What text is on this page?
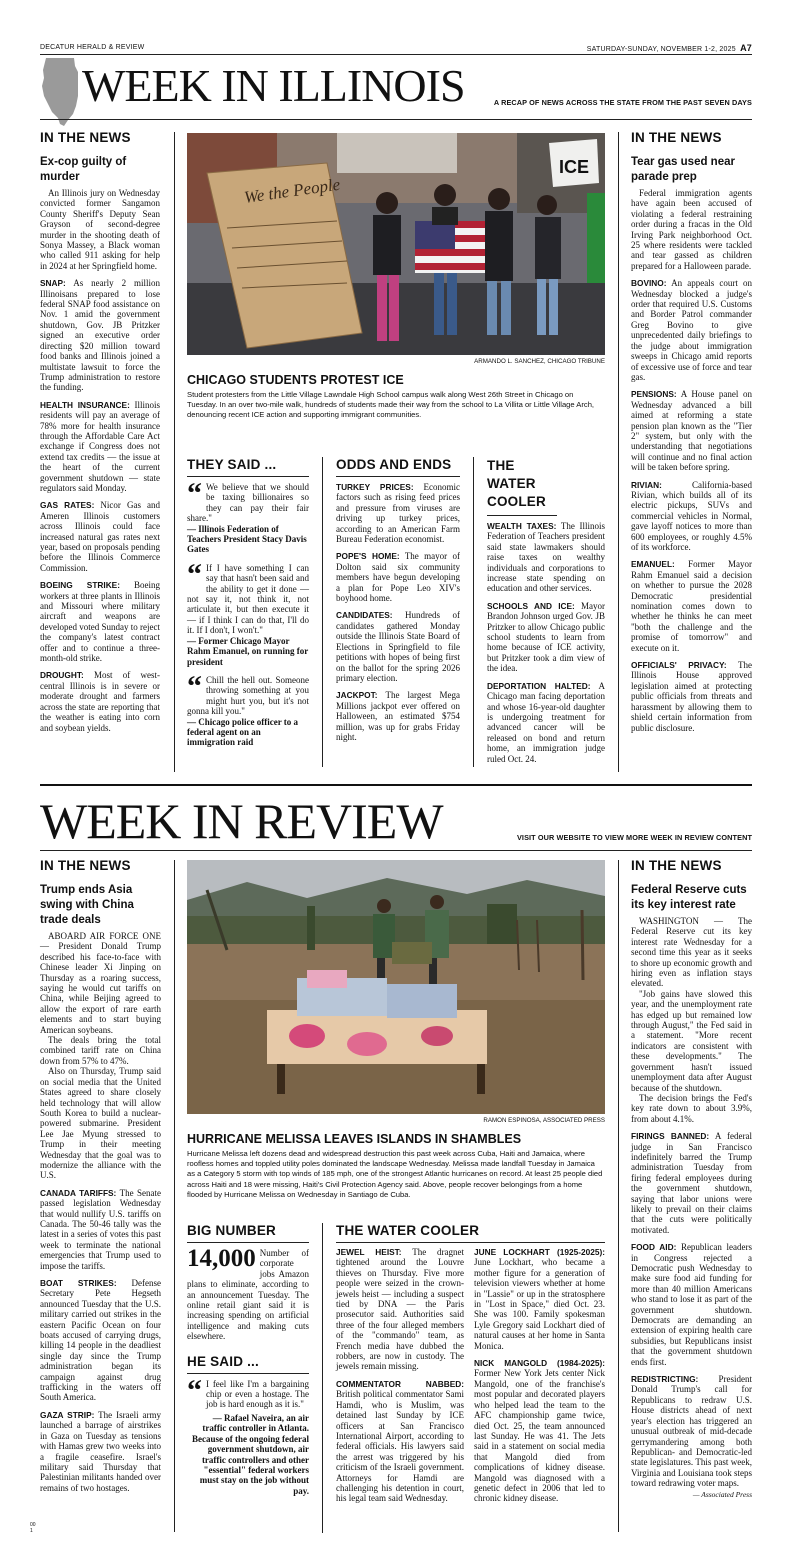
DECATUR HERALD & REVIEW	SATURDAY-SUNDAY, NOVEMBER 1-2, 2025 A7
WEEK IN ILLINOIS	A RECAP OF NEWS ACROSS THE STATE FROM THE PAST SEVEN DAYS
IN THE NEWS
Ex-cop guilty of murder

An Illinois jury on Wednesday convicted former Sangamon County Sheriff's Deputy Sean Grayson of second-degree murder in the shooting death of Sonya Massey, a Black woman who called 911 asking for help in 2024 at her Springfield home.

SNAP: As nearly 2 million Illinoisans prepared to lose federal SNAP food assistance on Nov. 1 amid the government shutdown, Gov. JB Pritzker signed an executive order directing $20 million toward food banks and Illinois joined a multistate lawsuit to force the Trump administration to restore the funding.

HEALTH INSURANCE: Illinois residents will pay an average of 78% more for health insurance through the Affordable Care Act exchange if Congress does not extend tax credits — the issue at the heart of the current government shutdown — state regulators said Monday.

GAS RATES: Nicor Gas and Ameren Illinois customers across Illinois could face increased natural gas rates next year, based on proposals pending before the Illinois Commerce Commission.

BOEING STRIKE: Boeing workers at three plants in Illinois and Missouri where military aircraft and weapons are developed voted Sunday to reject the company's latest contract offer and to continue a three-month-old strike.

DROUGHT: Most of west-central Illinois is in severe or moderate drought and farmers across the state are reporting that the weather is eating into corn and soybean yields.

We the People
ICE
ARMANDO L. SANCHEZ, CHICAGO TRIBUNE
CHICAGO STUDENTS PROTEST ICE
Student protesters from the Little Village Lawndale High School campus walk along West 26th Street in Chicago on Tuesday. In an over two-mile walk, hundreds of students made their way from the school to La Villita or Little Village Arch, denouncing recent ICE action and supporting immigrant communities.
THEY SAID ...
“ We believe that we should be taxing billionaires so they can pay their fair share."
— Illinois Federation of Teachers President Stacy Davis Gates
“ If I have something I can say that hasn't been said and the ability to get it done — not say it, not think it, not articulate it, but then execute it — if I think I can do that, I'll do it. If I don't, I won't."
— Former Chicago Mayor Rahm Emanuel, on running for president
“ Chill the hell out. Someone throwing something at you might hurt you, but it's not gonna kill you."
— Chicago police officer to a federal agent on an immigration raid
ODDS AND ENDS

TURKEY PRICES: Economic factors such as rising feed prices and pressure from viruses are driving up turkey prices, according to an American Farm Bureau Federation economist.

POPE'S HOME: The mayor of Dolton said six community members have begun developing a plan for Pope Leo XIV's boyhood home.

CANDIDATES: Hundreds of candidates gathered Monday outside the Illinois State Board of Elections in Springfield to file petitions with hopes of being first on the ballot for the spring 2026 primary election.

JACKPOT: The largest Mega Millions jackpot ever offered on Halloween, an estimated $754 million, was up for grabs Friday night.

THE WATER COOLER

WEALTH TAXES: The Illinois Federation of Teachers president said state lawmakers should raise taxes on wealthy individuals and corporations to increase state spending on education and other services.

SCHOOLS AND ICE: Mayor Brandon Johnson urged Gov. JB Pritzker to allow Chicago public school students to learn from home because of ICE activity, but Pritzker took a dim view of the idea.

DEPORTATION HALTED: A Chicago man facing deportation and whose 16-year-old daughter is undergoing treatment for advanced cancer will be released on bond and return home, an immigration judge ruled Oct. 24.

IN THE NEWS
Tear gas used near parade prep

Federal immigration agents have again been accused of violating a federal restraining order during a fracas in the Old Irving Park neighborhood Oct. 25 where residents were tackled and tear gassed as children prepared for a Halloween parade.

BOVINO: An appeals court on Wednesday blocked a judge's order that required U.S. Customs and Border Patrol commander Greg Bovino to give unprecedented daily briefings to the judge about immigration sweeps in Chicago amid reports of excessive use of force and tear gas.

PENSIONS: A House panel on Wednesday advanced a bill aimed at reforming a state pension plan known as the "Tier 2" system, but only with the understanding that negotiations will continue and no final action will be taken before spring.

RIVIAN:	California-based Rivian, which builds all of its electric pickups, SUVs and commercial vehicles in Normal, gave layoff notices to more than 600 employees, or roughly 4.5% of its workforce.

EMANUEL: Former Mayor Rahm Emanuel said a decision on whether to pursue the 2028 Democratic presidential nomination comes down to whether he thinks he can meet "both the challenge and the promise of tomorrow" and execute on it.

OFFICIALS' PRIVACY: The Illinois House approved legislation aimed at protecting public officials from threats and harassment by allowing them to shield certain information from public disclosure.

WEEK IN REVIEW	VISIT OUR WEBSITE TO VIEW MORE WEEK IN REVIEW CONTENT
IN THE NEWS
Trump ends Asia swing with China trade deals

ABOARD AIR FORCE ONE — President Donald Trump described his face-to-face with Chinese leader Xi Jinping on Thursday as a roaring success, saying he would cut tariffs on China, while Beijing agreed to allow the export of rare earth elements and to start buying American soybeans.

The deals bring the total combined tariff rate on China down from 57% to 47%.

Also on Thursday, Trump said on social media that the United States agreed to share closely held technology that will allow South Korea to build a nuclear-powered submarine. President Lee Jae Myung stressed to Trump in their meeting Wednesday that the goal was to modernize the alliance with the U.S.

CANADA TARIFFS: The Senate passed legislation Wednesday that would nullify U.S. tariffs on Canada. The 50-46 tally was the latest in a series of votes this past week to terminate the national emergencies that Trump used to impose the tariffs.

BOAT STRIKES: Defense Secretary Pete Hegseth announced Tuesday that the U.S. military carried out strikes in the eastern Pacific Ocean on four boats accused of carrying drugs, killing 14 people in the deadliest single day since the Trump administration began its campaign against drug trafficking in the waters off South America.

GAZA STRIP: The Israeli army launched a barrage of airstrikes in Gaza on Tuesday as tensions with Hamas grew two weeks into a fragile ceasefire. Israel's military said Thursday that Palestinian militants handed over remains of two hostages.

00
1
RAMON ESPINOSA, ASSOCIATED PRESS
HURRICANE MELISSA LEAVES ISLANDS IN SHAMBLES
Hurricane Melissa left dozens dead and widespread destruction this past week across Cuba, Haiti and Jamaica, where roofless homes and toppled utility poles dominated the landscape Wednesday. Melissa made landfall Tuesday in Jamaica as a Category 5 storm with top winds of 185 mph, one of the strongest Atlantic hurricanes on record. At least 25 people died across Haiti and 18 were missing, Haiti's Civil Protection Agency said. Above, people recover belongings from a home flooded by Hurricane Melissa on Wednesday in Santiago de Cuba.
BIG NUMBER
14,000 Number of corporate jobs Amazon plans to eliminate, according to an announcement Tuesday. The online retail giant said it is increasing spending on artificial intelligence and making cuts elsewhere.
HE SAID ...
“ I feel like I'm a bargaining chip or even a hostage. The job is hard enough as it is."
— Rafael Naveira, an air traffic controller in Atlanta. Because of the ongoing federal government shutdown, air traffic controllers and other "essential" federal workers must stay on the job without pay.
THE WATER COOLER

JEWEL HEIST: The dragnet tightened around the Louvre thieves on Thursday. Five more people were seized in the crown-jewels heist — including a suspect tied by DNA — the Paris prosecutor said. Authorities said three of the four alleged members of the "commando" team, as French media have dubbed the robbers, are now in custody. The jewels remain missing.

COMMENTATOR NABBED: British political commentator Sami Hamdi, who is Muslim, was detained last Sunday by ICE officers at San Francisco International Airport, according to federal officials. His lawyers said the arrest was triggered by his criticism of the Israeli government. Attorneys for Hamdi are challenging his detention in court, his legal team said Wednesday.

JUNE LOCKHART (1925-2025): June Lockhart, who became a mother figure for a generation of television viewers whether at home in "Lassie" or up in the stratosphere in "Lost in Space," died Oct. 23. She was 100. Family spokesman Lyle Gregory said Lockhart died of natural causes at her home in Santa Monica.

NICK MANGOLD (1984-2025): Former New York Jets center Nick Mangold, one of the franchise's most popular and decorated players who helped lead the team to the AFC championship game twice, died Oct. 25, the team announced last Sunday. He was 41. The Jets said in a statement on social media that Mangold died from complications of kidney disease. Mangold was diagnosed with a genetic defect in 2006 that led to chronic kidney disease.

IN THE NEWS
Federal Reserve cuts its key interest rate

WASHINGTON — The Federal Reserve cut its key interest rate Wednesday for a second time this year as it seeks to shore up economic growth and hiring even as inflation stays elevated.

"Job gains have slowed this year, and the unemployment rate has edged up but remained low through August," the Fed said in a statement. "More recent indicators are consistent with these developments." The government hasn't issued unemployment data after August because of the shutdown.

The decision brings the Fed's key rate down to about 3.9%, from about 4.1%.

FIRINGS BANNED: A federal judge in San Francisco indefinitely barred the Trump administration Tuesday from firing federal employees during the government shutdown, saying that labor unions were likely to prevail on their claims that the cuts were politically motivated.

FOOD AID: Republican leaders in Congress rejected a Democratic push Wednesday to make sure food aid funding for more than 40 million Americans who stand to lose it as part of the government shutdown. Democrats are demanding an extension of expiring health care subsidies, but Republicans insist that the government shutdown ends first.

REDISTRICTING: President Donald Trump's call for Republicans to redraw U.S. House districts ahead of next year's election has triggered an unusual outbreak of mid-decade gerrymandering among both Republican- and Democratic-led state legislatures. This past week, Virginia and Louisiana took steps toward redrawing voter maps.

— Associated Press
